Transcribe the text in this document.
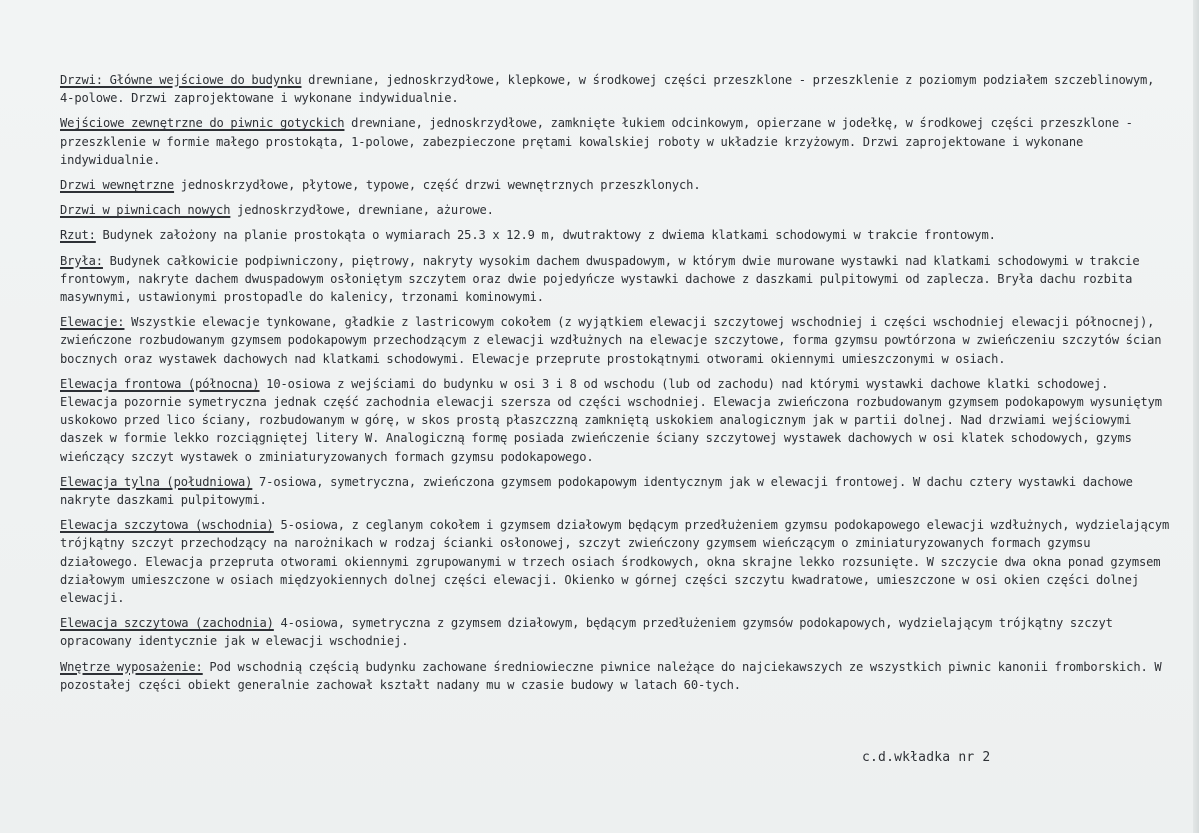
Drzwi: Główne wejściowe do budynku drewniane, jednoskrzydłowe, klepkowe, w środkowej części przeszklone - przeszklenie z poziomym podziałem szczeblinowym, 4-polowe. Drzwi zaprojektowane i wykonane indywidualnie.

Wejściowe zewnętrzne do piwnic gotyckich drewniane, jednoskrzydłowe, zamknięte łukiem odcinkowym, opierzane w jodełkę, w środkowej części przeszklone - przeszklenie w formie małego prostokąta, 1-polowe, zabezpieczone prętami kowalskiej roboty w układzie krzyżowym. Drzwi zaprojektowane i wykonane indywidualnie.

Drzwi wewnętrzne jednoskrzydłowe, płytowe, typowe, część drzwi wewnętrznych przeszklonych.

Drzwi w piwnicach nowych jednoskrzydłowe, drewniane, ażurowe.

Rzut: Budynek założony na planie prostokąta o wymiarach 25.3 x 12.9 m, dwutraktowy z dwiema klatkami schodowymi w trakcie frontowym.

Bryła: Budynek całkowicie podpiwniczony, piętrowy, nakryty wysokim dachem dwuspadowym, w którym dwie murowane wystawki nad klatkami schodowymi w trakcie frontowym, nakryte dachem dwuspadowym osłoniętym szczytem oraz dwie pojedyńcze wystawki dachowe z daszkami pulpitowymi od zaplecza. Bryła dachu rozbita masywnymi, ustawionymi prostopadle do kalenicy, trzonami kominowymi.

Elewacje: Wszystkie elewacje tynkowane, gładkie z lastricowym cokołem (z wyjątkiem elewacji szczytowej wschodniej i części wschodniej elewacji północnej), zwieńczone rozbudowanym gzymsem podokapowym przechodzącym z elewacji wzdłużnych na elewacje szczytowe, forma gzymsu powtórzona w zwieńczeniu szczytów ścian bocznych oraz wystawek dachowych nad klatkami schodowymi. Elewacje przeprute prostokątnymi otworami okiennymi umieszczonymi w osiach.

Elewacja frontowa (północna) 10-osiowa z wejściami do budynku w osi 3 i 8 od wschodu (lub od zachodu) nad którymi wystawki dachowe klatki schodowej. Elewacja pozornie symetryczna jednak część zachodnia elewacji szersza od części wschodniej. Elewacja zwieńczona rozbudowanym gzymsem podokapowym wysuniętym uskokowo przed lico ściany, rozbudowanym w górę, w skos prostą płaszczzną zamkniętą uskokiem analogicznym jak w partii dolnej. Nad drzwiami wejściowymi daszek w formie lekko rozciągniętej litery W. Analogiczną formę posiada zwieńczenie ściany szczytowej wystawek dachowych w osi klatek schodowych, gzyms wieńczący szczyt wystawek o zminiaturyzowanych formach gzymsu podokapowego.

Elewacja tylna (południowa) 7-osiowa, symetryczna, zwieńczona gzymsem podokapowym identycznym jak w elewacji frontowej. W dachu cztery wystawki dachowe nakryte daszkami pulpitowymi.

Elewacja szczytowa (wschodnia) 5-osiowa, z ceglanym cokołem i gzymsem działowym będącym przedłużeniem gzymsu podokapowego elewacji wzdłużnych, wydzielającym trójkątny szczyt przechodzący na narożnikach w rodzaj ścianki osłonowej, szczyt zwieńczony gzymsem wieńczącym o zminiaturyzowanych formach gzymsu działowego. Elewacja przepruta otworami okiennymi zgrupowanymi w trzech osiach środkowych, okna skrajne lekko rozsunięte. W szczycie dwa okna ponad gzymsem działowym umieszczone w osiach międzyokiennych dolnej części elewacji. Okienko w górnej części szczytu kwadratowe, umieszczone w osi okien części dolnej elewacji.

Elewacja szczytowa (zachodnia) 4-osiowa, symetryczna z gzymsem działowym, będącym przedłużeniem gzymsów podokapowych, wydzielającym trójkątny szczyt opracowany identycznie jak w elewacji wschodniej.

Wnętrze wyposażenie: Pod wschodnią częścią budynku zachowane średniowieczne piwnice należące do najciekawszych ze wszystkich piwnic kanonii fromborskich. W pozostałej części obiekt generalnie zachował kształt nadany mu w czasie budowy w latach 60-tych.

c.d.wkładka nr 2
